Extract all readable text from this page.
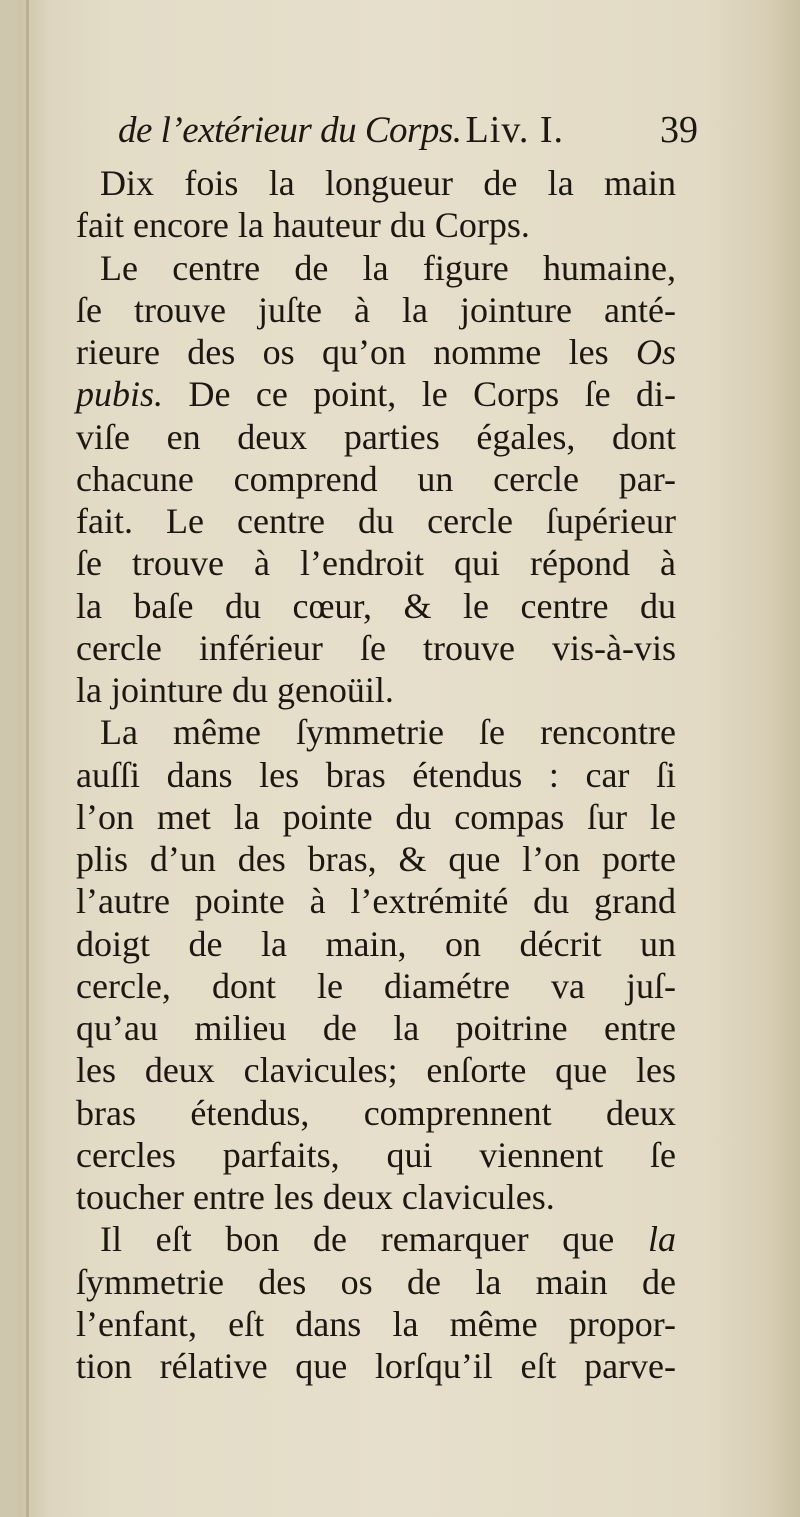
de l’extérieur du Corps. Liv. I.	39
Dix fois la longueur de la main
fait encore la hauteur du Corps.
Le centre de la figure humaine,
ſe trouve juſte à la jointure anté-
rieure des os qu’on nomme les Os
pubis. De ce point, le Corps ſe di-
viſe en deux parties égales, dont
chacune comprend un cercle par-
fait. Le centre du cercle ſupérieur
ſe trouve à l’endroit qui répond à
la baſe du cœur, & le centre du
cercle inférieur ſe trouve vis-à-vis
la jointure du genoüil.
La même ſymmetrie ſe rencontre
auſſi dans les bras étendus : car ſi
l’on met la pointe du compas ſur le
plis d’un des bras, & que l’on porte
l’autre pointe à l’extrémité du grand
doigt de la main, on décrit un
cercle, dont le diamétre va juſ-
qu’au milieu de la poitrine entre
les deux clavicules; enſorte que les
bras étendus, comprennent deux
cercles parfaits, qui viennent ſe
toucher entre les deux clavicules.
Il eſt bon de remarquer que la
ſymmetrie des os de la main de
l’enfant, eſt dans la même propor-
tion rélative que lorſqu’il eſt parve-
